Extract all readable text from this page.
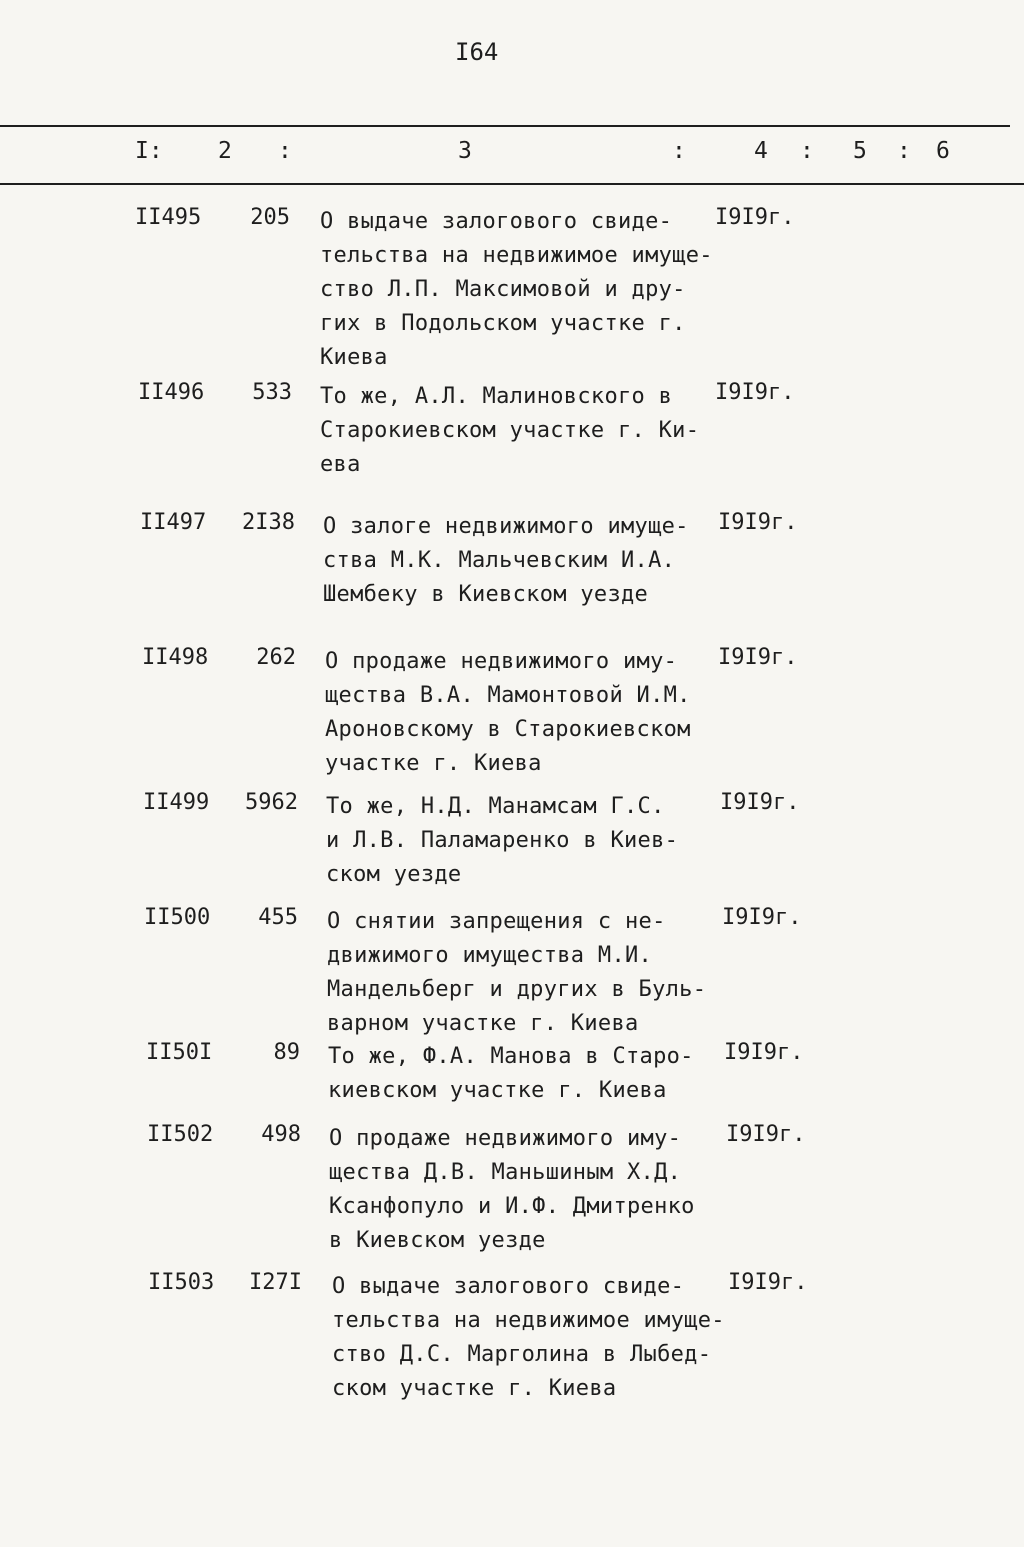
I64
I: 2 :	3	:	4 : 5 : 6
II495	205 О выдаче залогового свиде-
тельства на недвижимое имуще-
ство Л.П. Максимовой и дру-
гих в Подольском участке г.
Киева
I9I9г.
II496	533 То же, А.Л. Малиновского в
Старокиевском участке г. Ки-
ева
I9I9г.
II497	2I38 О залоге недвижимого имуще-
ства М.К. Мальчевским И.А.
Шембеку в Киевском уезде
I9I9г.
II498	262 О продаже недвижимого иму-
щества В.А. Мамонтовой И.М.
Ароновскому в Старокиевском
участке г. Киева
I9I9г.
II499	5962 То же, Н.Д. Манамсам Г.С.
и Л.В. Паламаренко в Киев-
ском уезде
I9I9г.
II500	455 О снятии запрещения с не-
движимого имущества М.И.
Мандельберг и других в Буль-
варном участке г. Киева
I9I9г.
II50I	89 То же, Ф.А. Манова в Старо-
киевском участке г. Киева
I9I9г.
II502	498 О продаже недвижимого иму-
щества Д.В. Маньшиным Х.Д.
Ксанфопуло и И.Ф. Дмитренко
в Киевском уезде
I9I9г.
II503	I27I О выдаче залогового свиде-
тельства на недвижимое имуще-
ство Д.С. Марголина в Лыбед-
ском участке г. Киева
I9I9г.
